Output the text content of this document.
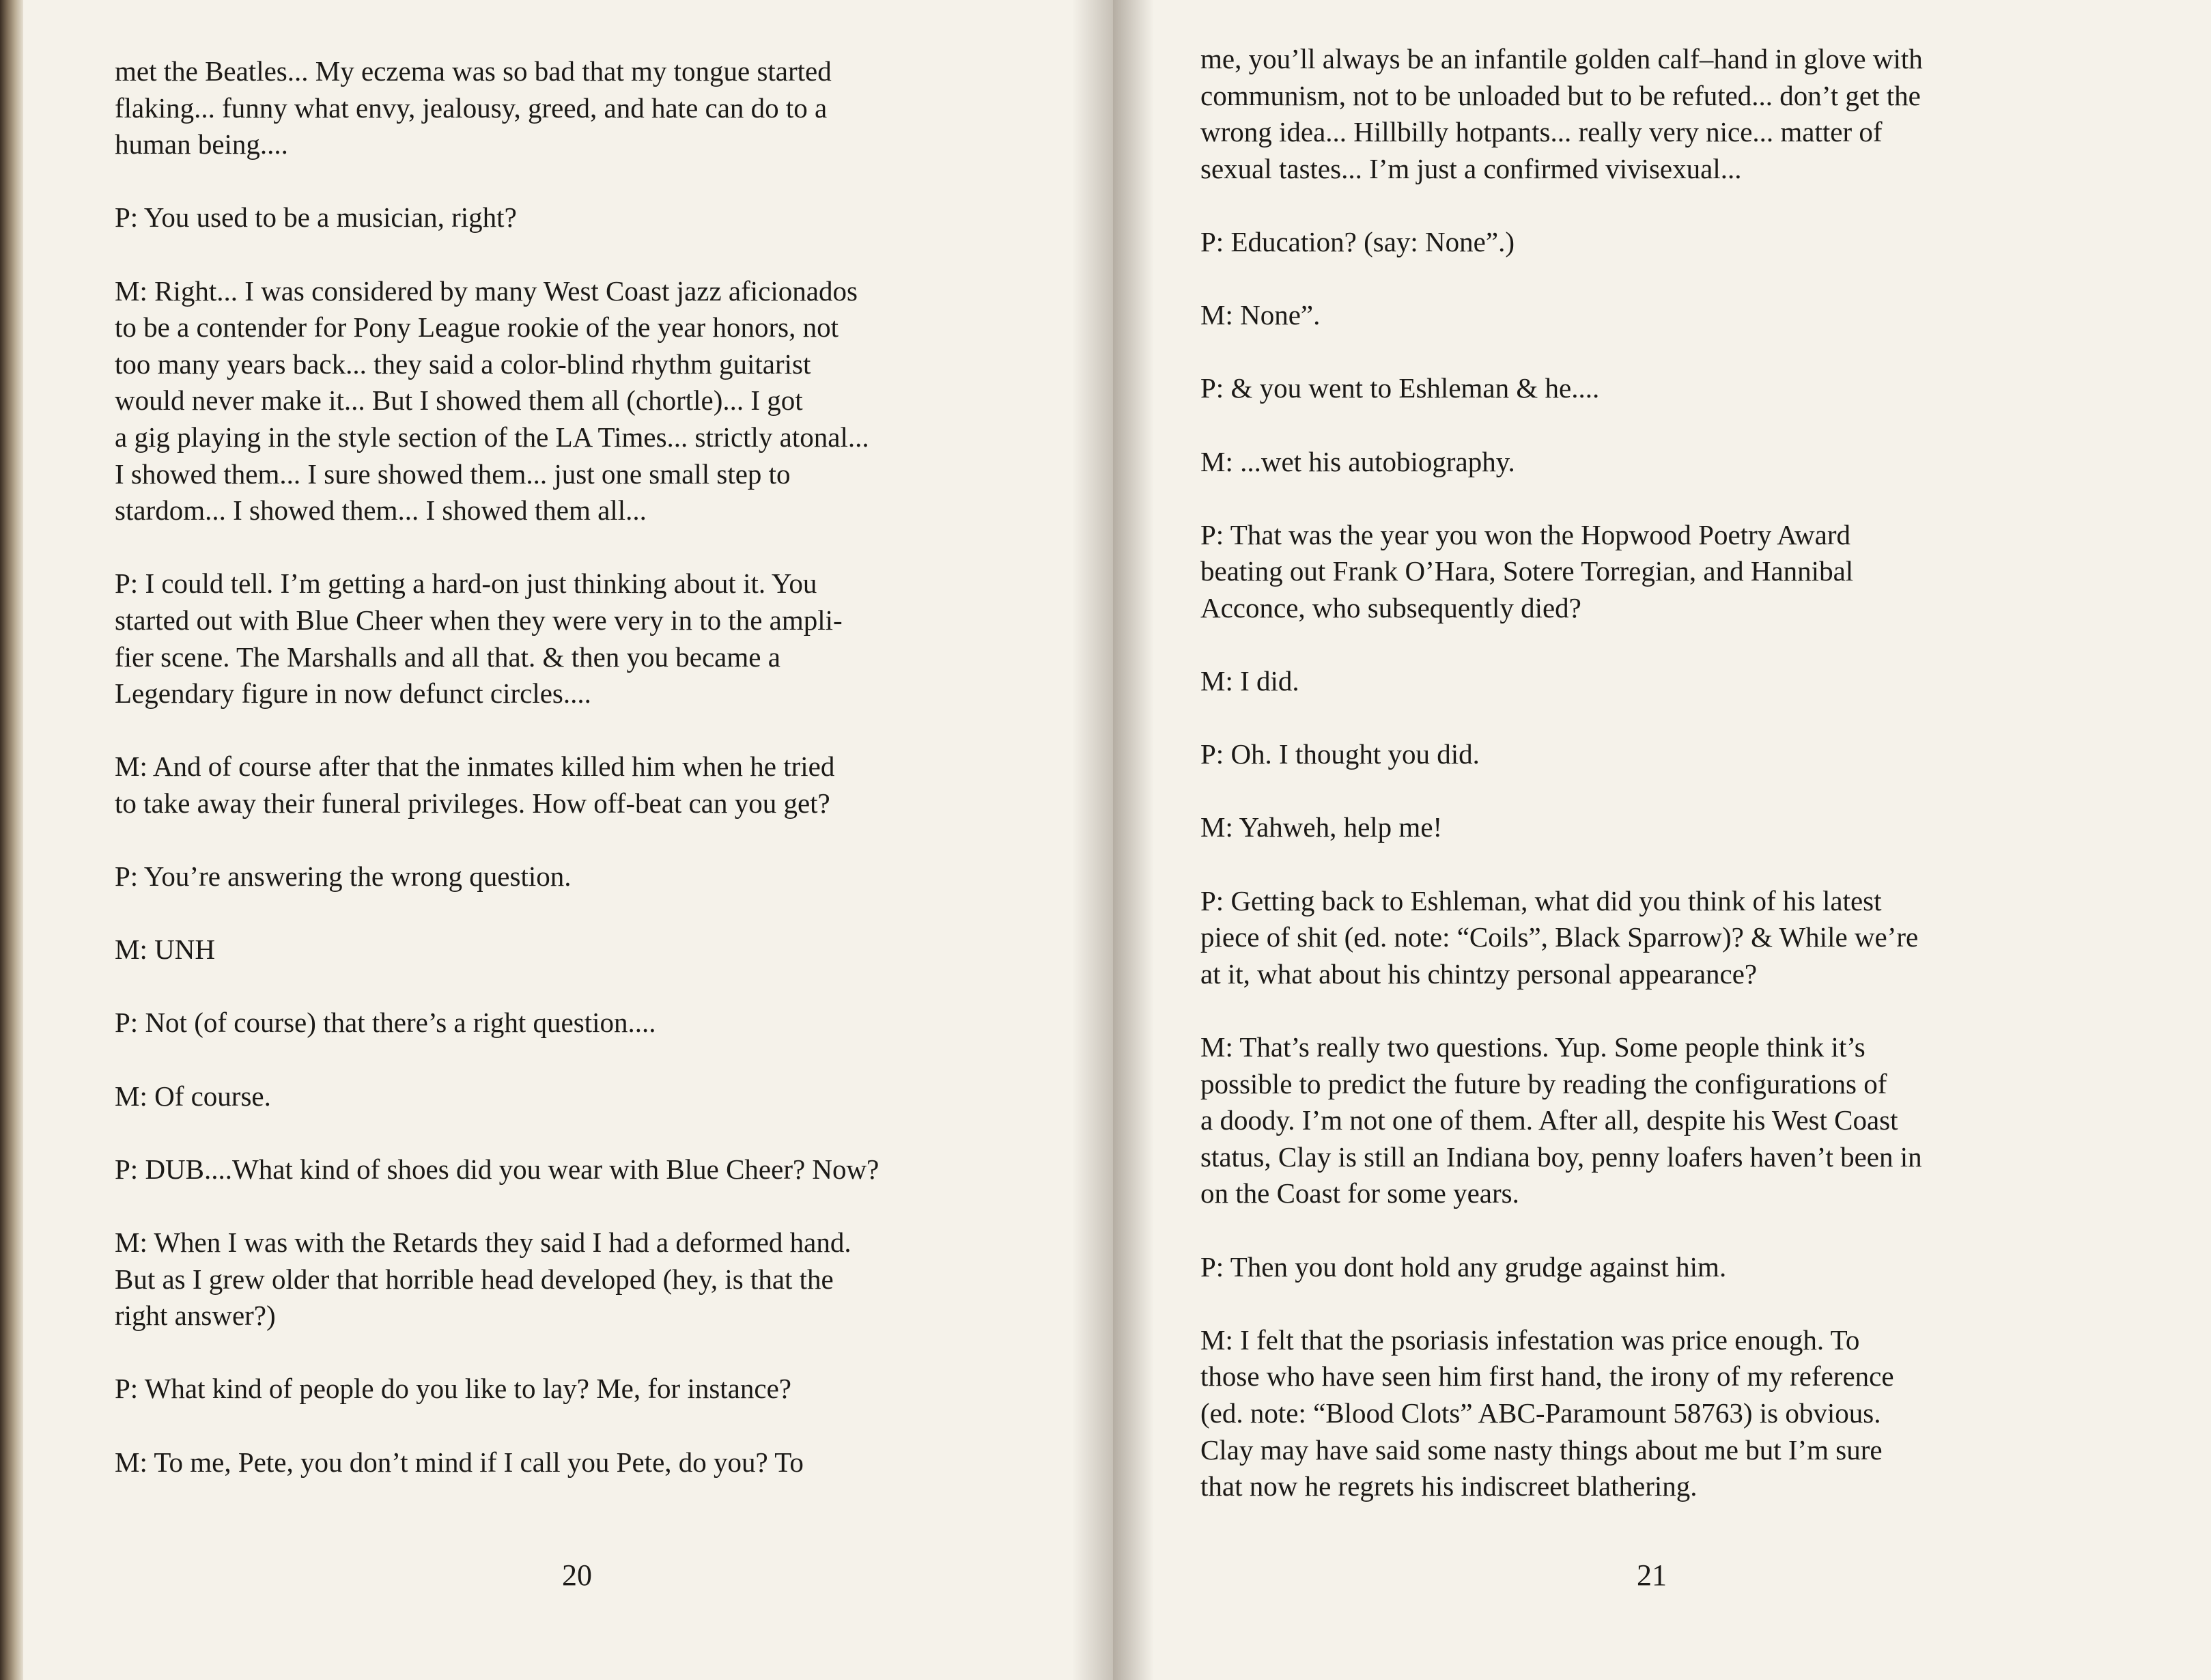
met the Beatles... My eczema was so bad that my tongue started
flaking... funny what envy, jealousy, greed, and hate can do to a
human being....

P: You used to be a musician, right?

M: Right... I was considered by many West Coast jazz aficionados
to be a contender for Pony League rookie of the year honors, not
too many years back... they said a color-blind rhythm guitarist
would never make it... But I showed them all (chortle)... I got
a gig playing in the style section of the LA Times... strictly atonal...
I showed them... I sure showed them... just one small step to
stardom... I showed them... I showed them all...

P: I could tell. I’m getting a hard-on just thinking about it. You
started out with Blue Cheer when they were very in to the ampli-
fier scene. The Marshalls and all that. & then you became a
Legendary figure in now defunct circles....

M: And of course after that the inmates killed him when he tried
to take away their funeral privileges. How off-beat can you get?

P: You’re answering the wrong question.

M: UNH

P: Not (of course) that there’s a right question....

M: Of course.

P: DUB....What kind of shoes did you wear with Blue Cheer? Now?

M: When I was with the Retards they said I had a deformed hand.
But as I grew older that horrible head developed (hey, is that the
right answer?)

P: What kind of people do you like to lay? Me, for instance?

M: To me, Pete, you don’t mind if I call you Pete, do you? To

20

me, you’ll always be an infantile golden calf–hand in glove with
communism, not to be unloaded but to be refuted... don’t get the
wrong idea... Hillbilly hotpants... really very nice... matter of
sexual tastes... I’m just a confirmed vivisexual...

P: Education? (say: None”.)

M: None”.

P: & you went to Eshleman & he....

M: ...wet his autobiography.

P: That was the year you won the Hopwood Poetry Award
beating out Frank O’Hara, Sotere Torregian, and Hannibal
Acconce, who subsequently died?

M: I did.

P: Oh. I thought you did.

M: Yahweh, help me!

P: Getting back to Eshleman, what did you think of his latest
piece of shit (ed. note: “Coils”, Black Sparrow)? & While we’re
at it, what about his chintzy personal appearance?

M: That’s really two questions. Yup. Some people think it’s
possible to predict the future by reading the configurations of
a doody. I’m not one of them. After all, despite his West Coast
status, Clay is still an Indiana boy, penny loafers haven’t been in
on the Coast for some years.

P: Then you dont hold any grudge against him.

M: I felt that the psoriasis infestation was price enough. To
those who have seen him first hand, the irony of my reference
(ed. note: “Blood Clots” ABC-Paramount 58763) is obvious.
Clay may have said some nasty things about me but I’m sure
that now he regrets his indiscreet blathering.

21
